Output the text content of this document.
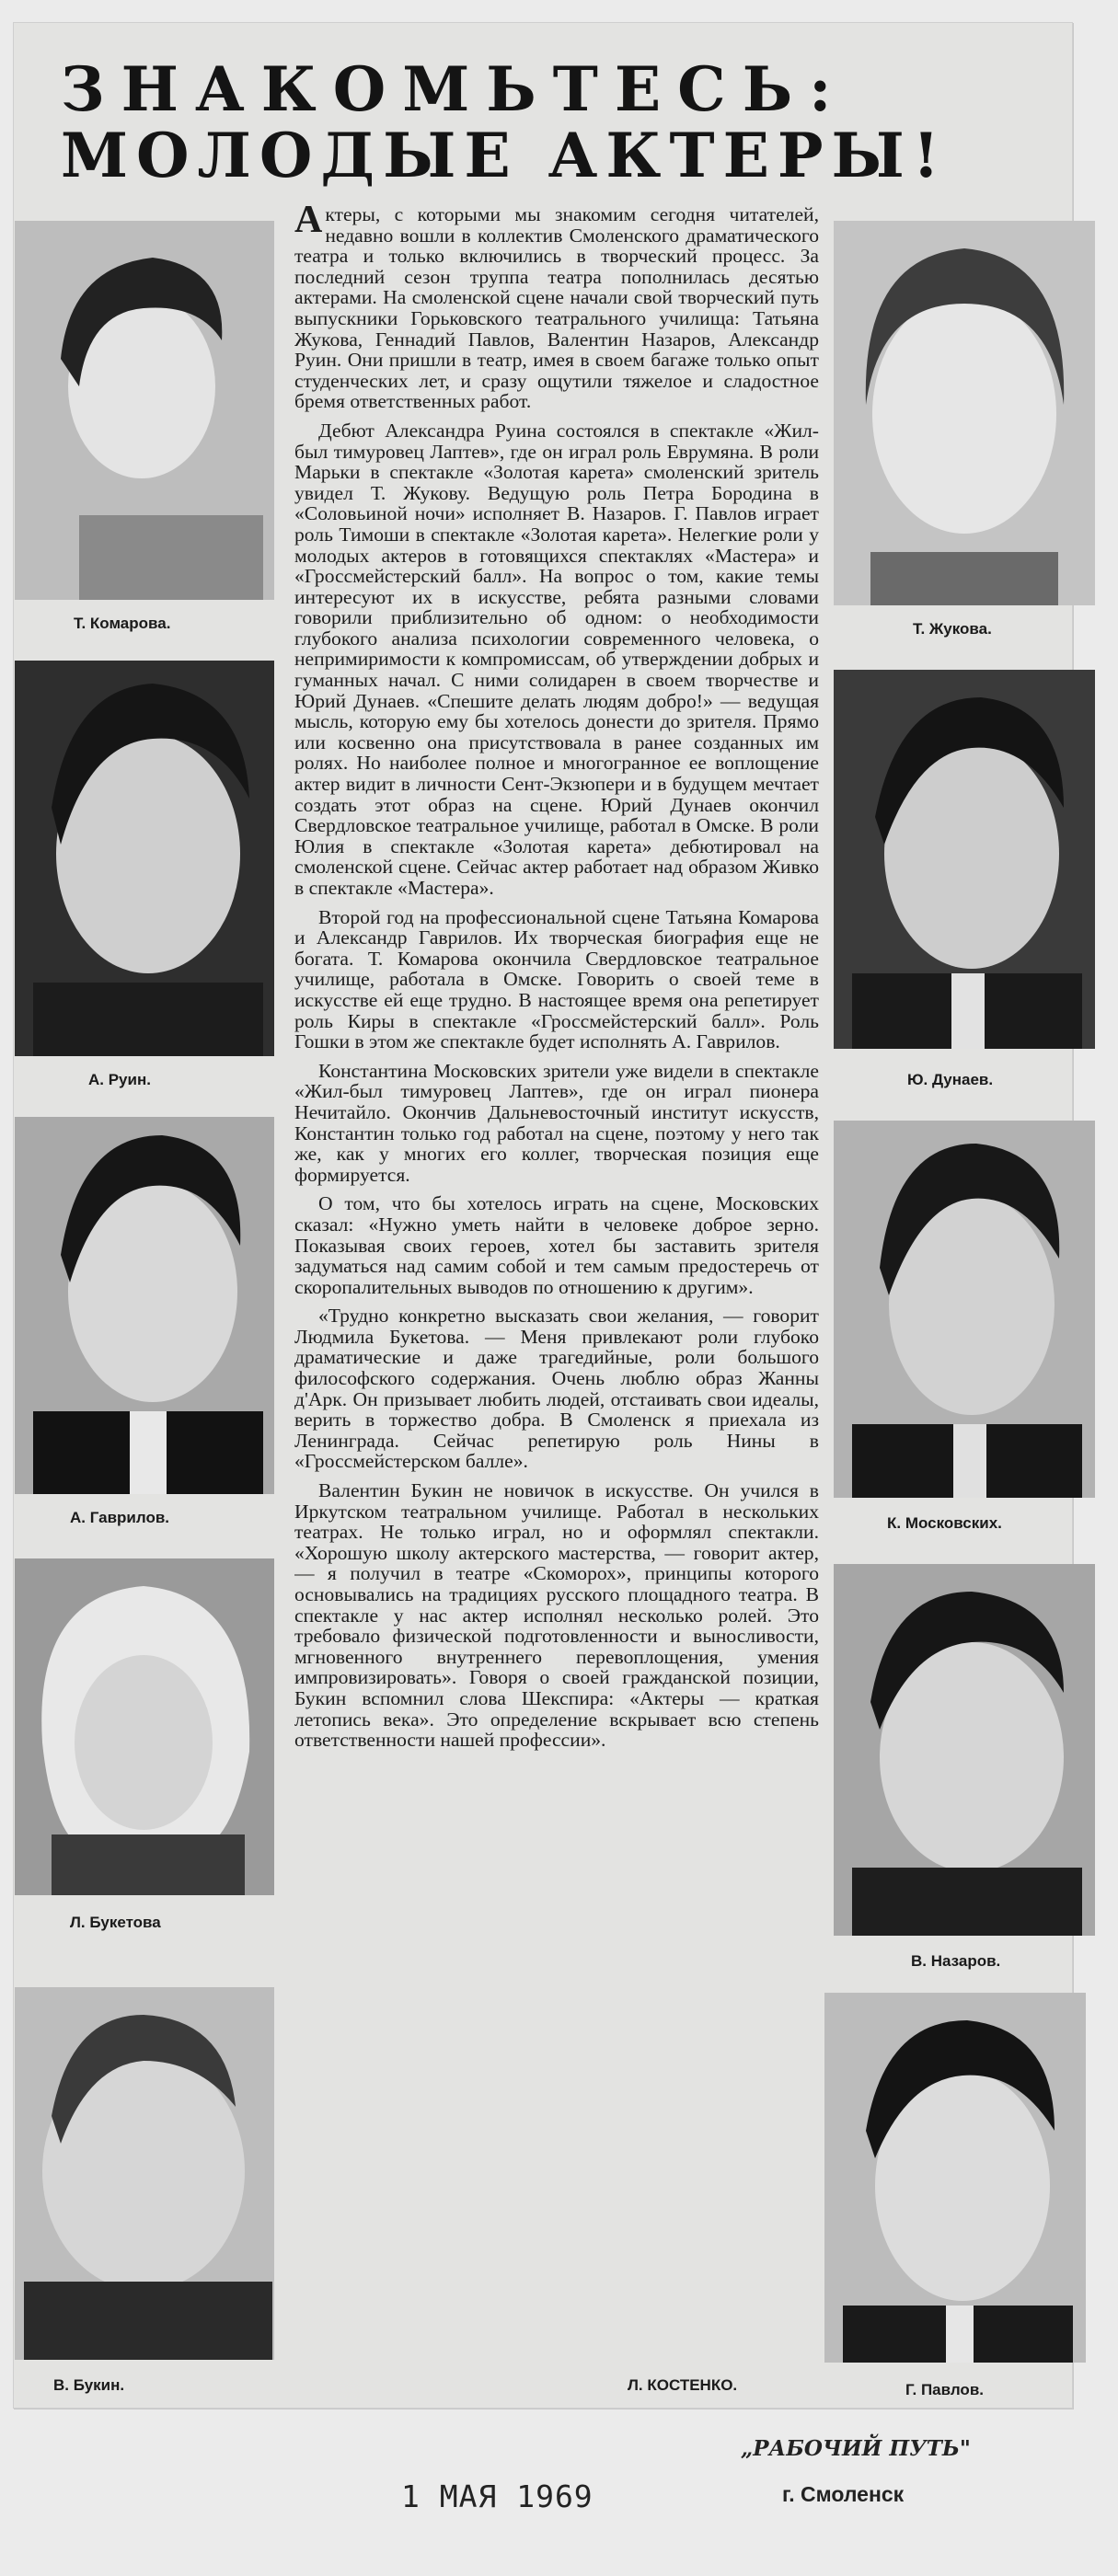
ЗНАКОМЬТЕСЬ:
МОЛОДЫЕ АКТЕРЫ!
Т. Комарова.
А. Руин.
А. Гаврилов.
Л. Букетова
В. Букин.
Т. Жукова.
Ю. Дунаев.
К. Московских.
В. Назаров.
Г. Павлов.

Актеры, с которыми мы знакомим сегодня читателей, недавно вошли в коллектив Смоленского драматического театра и только включились в творческий процесс. За последний сезон труппа театра пополнилась десятью актерами. На смоленской сцене начали свой творческий путь выпускники Горьковского театрального училища: Татьяна Жукова, Геннадий Павлов, Валентин Назаров, Александр Руин. Они пришли в театр, имея в своем багаже только опыт студенческих лет, и сразу ощутили тяжелое и сладостное бремя ответственных работ.

Дебют Александра Руина состоялся в спектакле «Жил-был тимуровец Лаптев», где он играл роль Еврумяна. В роли Марьки в спектакле «Золотая карета» смоленский зритель увидел Т. Жукову. Ведущую роль Петра Бородина в «Соловьиной ночи» исполняет В. Назаров. Г. Павлов играет роль Тимоши в спектакле «Золотая карета». Нелегкие роли у молодых актеров в готовящихся спектаклях «Мастера» и «Гроссмейстерский балл». На вопрос о том, какие темы интересуют их в искусстве, ребята разными словами говорили приблизительно об одном: о необходимости глубокого анализа психологии современного человека, о непримиримости к компромиссам, об утверждении добрых и гуманных начал. С ними солидарен в своем творчестве и Юрий Дунаев. «Спешите делать людям добро!» — ведущая мысль, которую ему бы хотелось донести до зрителя. Прямо или косвенно она присутствовала в ранее созданных им ролях. Но наиболее полное и многогранное ее воплощение актер видит в личности Сент-Экзюпери и в будущем мечтает создать этот образ на сцене. Юрий Дунаев окончил Свердловское театральное училище, работал в Омске. В роли Юлия в спектакле «Золотая карета» дебютировал на смоленской сцене. Сейчас актер работает над образом Живко в спектакле «Мастера».

Второй год на профессиональной сцене Татьяна Комарова и Александр Гаврилов. Их творческая биография еще не богата. Т. Комарова окончила Свердловское театральное училище, работала в Омске. Говорить о своей теме в искусстве ей еще трудно. В настоящее время она репетирует роль Киры в спектакле «Гроссмейстерский балл». Роль Гошки в этом же спектакле будет исполнять А. Гаврилов.

Константина Московских зрители уже видели в спектакле «Жил-был тимуровец Лаптев», где он играл пионера Нечитайло. Окончив Дальневосточный институт искусств, Константин только год работал на сцене, поэтому у него так же, как у многих его коллег, творческая позиция еще формируется.

О том, что бы хотелось играть на сцене, Московских сказал: «Нужно уметь найти в человеке доброе зерно. Показывая своих героев, хотел бы заставить зрителя задуматься над самим собой и тем самым предостеречь от скоропалительных выводов по отношению к другим».

«Трудно конкретно высказать свои желания, — говорит Людмила Букетова. — Меня привлекают роли глубоко драматические и даже трагедийные, роли большого философского содержания. Очень люблю образ Жанны д'Арк. Он призывает любить людей, отстаивать свои идеалы, верить в торжество добра. В Смоленск я приехала из Ленинграда. Сейчас репетирую роль Нины в «Гроссмейстерском балле».

Валентин Букин не новичок в искусстве. Он учился в Иркутском театральном училище. Работал в нескольких театрах. Не только играл, но и оформлял спектакли. «Хорошую школу актерского мастерства, — говорит актер, — я получил в театре «Скоморох», принципы которого основывались на традициях русского площадного театра. В спектакле у нас актер исполнял несколько ролей. Это требовало физической подготовленности и выносливости, мгновенного внутреннего перевоплощения, умения импровизировать». Говоря о своей гражданской позиции, Букин вспомнил слова Шекспира: «Актеры — краткая летопись века». Это определение вскрывает всю степень ответственности нашей профессии».

Л. КОСТЕНКО.
1 МАЯ 1969
„РАБОЧИЙ ПУТЬ"
г. Смоленск
